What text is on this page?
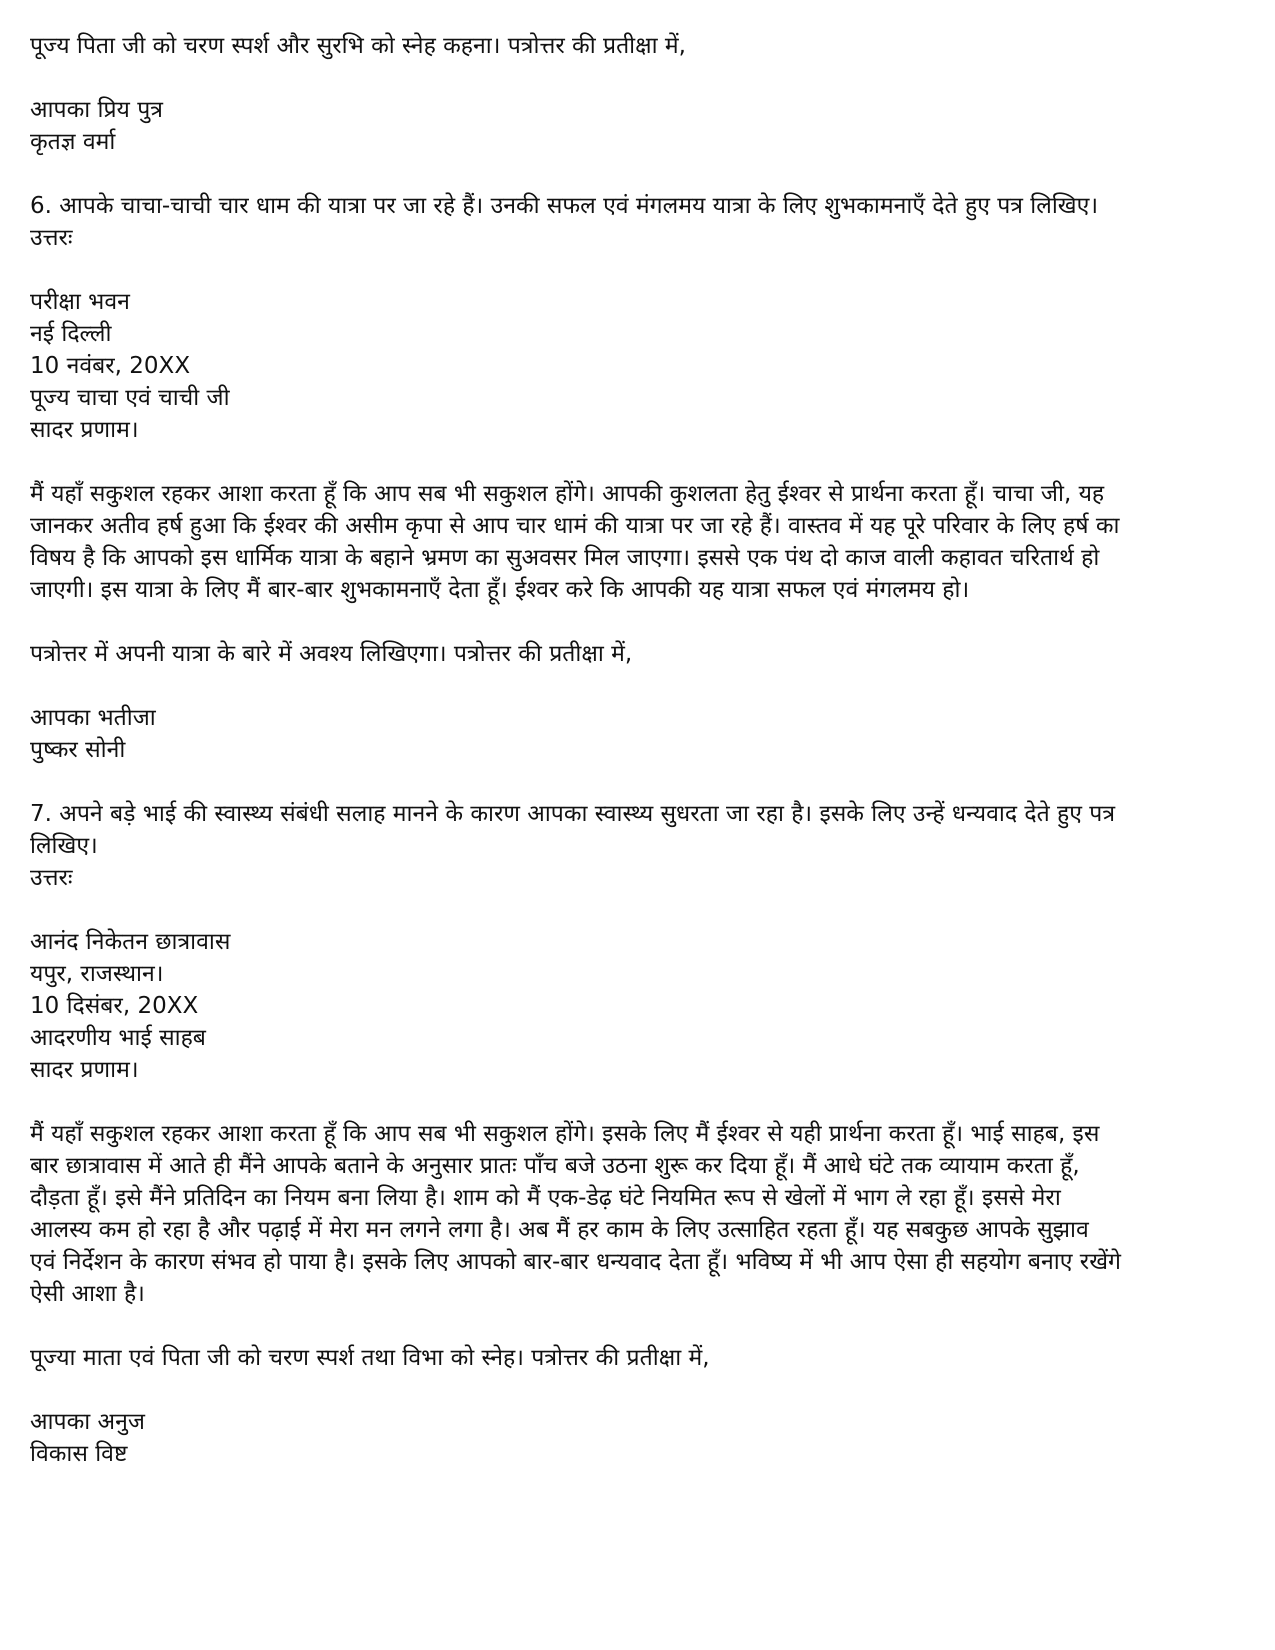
पूज्य पिता जी को चरण स्पर्श और सुरभि को स्नेह कहना। पत्रोत्तर की प्रतीक्षा में,
आपका प्रिय पुत्र
कृतज्ञ वर्मा
6. आपके चाचा-चाची चार धाम की यात्रा पर जा रहे हैं। उनकी सफल एवं मंगलमय यात्रा के लिए शुभकामनाएँ देते हुए पत्र लिखिए।
उत्तरः
परीक्षा भवन
नई दिल्ली
10 नवंबर, 20XX
पूज्य चाचा एवं चाची जी
सादर प्रणाम।
मैं यहाँ सकुशल रहकर आशा करता हूँ कि आप सब भी सकुशल होंगे। आपकी कुशलता हेतु ईश्वर से प्रार्थना करता हूँ। चाचा जी, यह
जानकर अतीव हर्ष हुआ कि ईश्वर की असीम कृपा से आप चार धामं की यात्रा पर जा रहे हैं। वास्तव में यह पूरे परिवार के लिए हर्ष का
विषय है कि आपको इस धार्मिक यात्रा के बहाने भ्रमण का सुअवसर मिल जाएगा। इससे एक पंथ दो काज वाली कहावत चरितार्थ हो
जाएगी। इस यात्रा के लिए मैं बार-बार शुभकामनाएँ देता हूँ। ईश्वर करे कि आपकी यह यात्रा सफल एवं मंगलमय हो।
पत्रोत्तर में अपनी यात्रा के बारे में अवश्य लिखिएगा। पत्रोत्तर की प्रतीक्षा में,
आपका भतीजा
पुष्कर सोनी
7. अपने बड़े भाई की स्वास्थ्य संबंधी सलाह मानने के कारण आपका स्वास्थ्य सुधरता जा रहा है। इसके लिए उन्हें धन्यवाद देते हुए पत्र
लिखिए।
उत्तरः
आनंद निकेतन छात्रावास
यपुर, राजस्थान।
10 दिसंबर, 20XX
आदरणीय भाई साहब
सादर प्रणाम।
मैं यहाँ सकुशल रहकर आशा करता हूँ कि आप सब भी सकुशल होंगे। इसके लिए मैं ईश्वर से यही प्रार्थना करता हूँ। भाई साहब, इस
बार छात्रावास में आते ही मैंने आपके बताने के अनुसार प्रातः पाँच बजे उठना शुरू कर दिया हूँ। मैं आधे घंटे तक व्यायाम करता हूँ,
दौड़ता हूँ। इसे मैंने प्रतिदिन का नियम बना लिया है। शाम को मैं एक-डेढ़ घंटे नियमित रूप से खेलों में भाग ले रहा हूँ। इससे मेरा
आलस्य कम हो रहा है और पढ़ाई में मेरा मन लगने लगा है। अब मैं हर काम के लिए उत्साहित रहता हूँ। यह सबकुछ आपके सुझाव
एवं निर्देशन के कारण संभव हो पाया है। इसके लिए आपको बार-बार धन्यवाद देता हूँ। भविष्य में भी आप ऐसा ही सहयोग बनाए रखेंगे
ऐसी आशा है।
पूज्या माता एवं पिता जी को चरण स्पर्श तथा विभा को स्नेह। पत्रोत्तर की प्रतीक्षा में,
आपका अनुज
विकास विष्ट
